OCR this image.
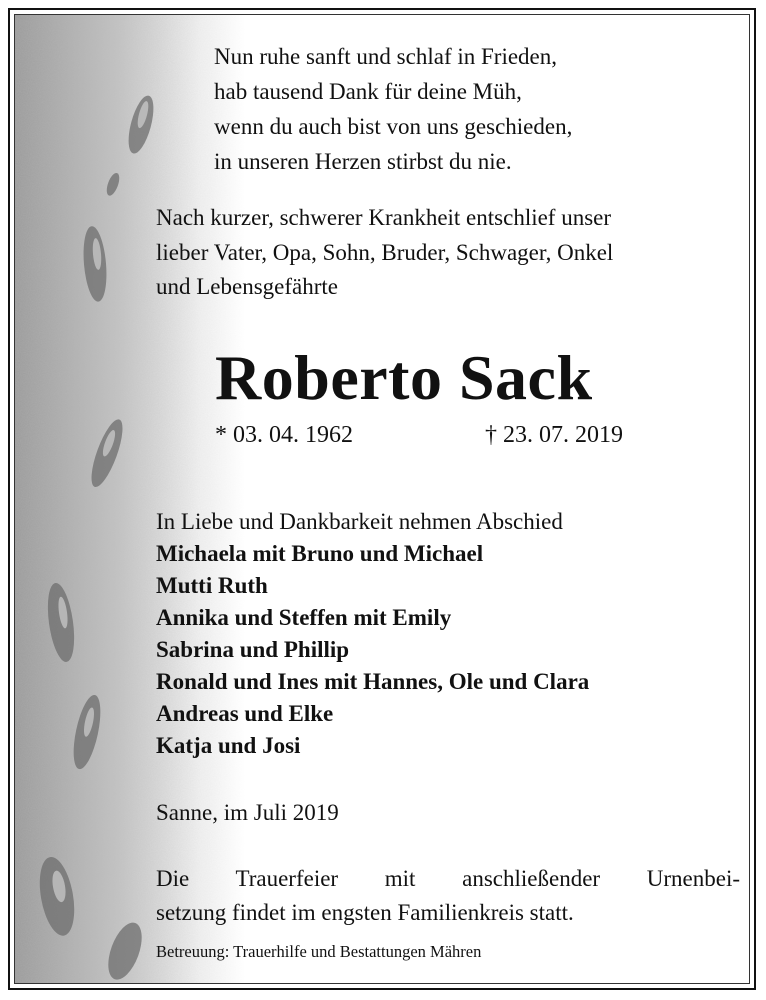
Nun ruhe sanft und schlaf in Frieden,
hab tausend Dank für deine Müh,
wenn du auch bist von uns geschieden,
in unseren Herzen stirbst du nie.
Nach kurzer, schwerer Krankheit entschlief unser
lieber Vater, Opa, Sohn, Bruder, Schwager, Onkel
und Lebensgefährte
Roberto Sack
* 03. 04. 1962	† 23. 07. 2019
In Liebe und Dankbarkeit nehmen Abschied
Michaela mit Bruno und Michael
Mutti Ruth
Annika und Steffen mit Emily
Sabrina und Phillip
Ronald und Ines mit Hannes, Ole und Clara
Andreas und Elke
Katja und Josi
Sanne, im Juli 2019
Die Trauerfeier mit anschließender Urnenbei-
setzung findet im engsten Familienkreis statt.
Betreuung: Trauerhilfe und Bestattungen Mähren
